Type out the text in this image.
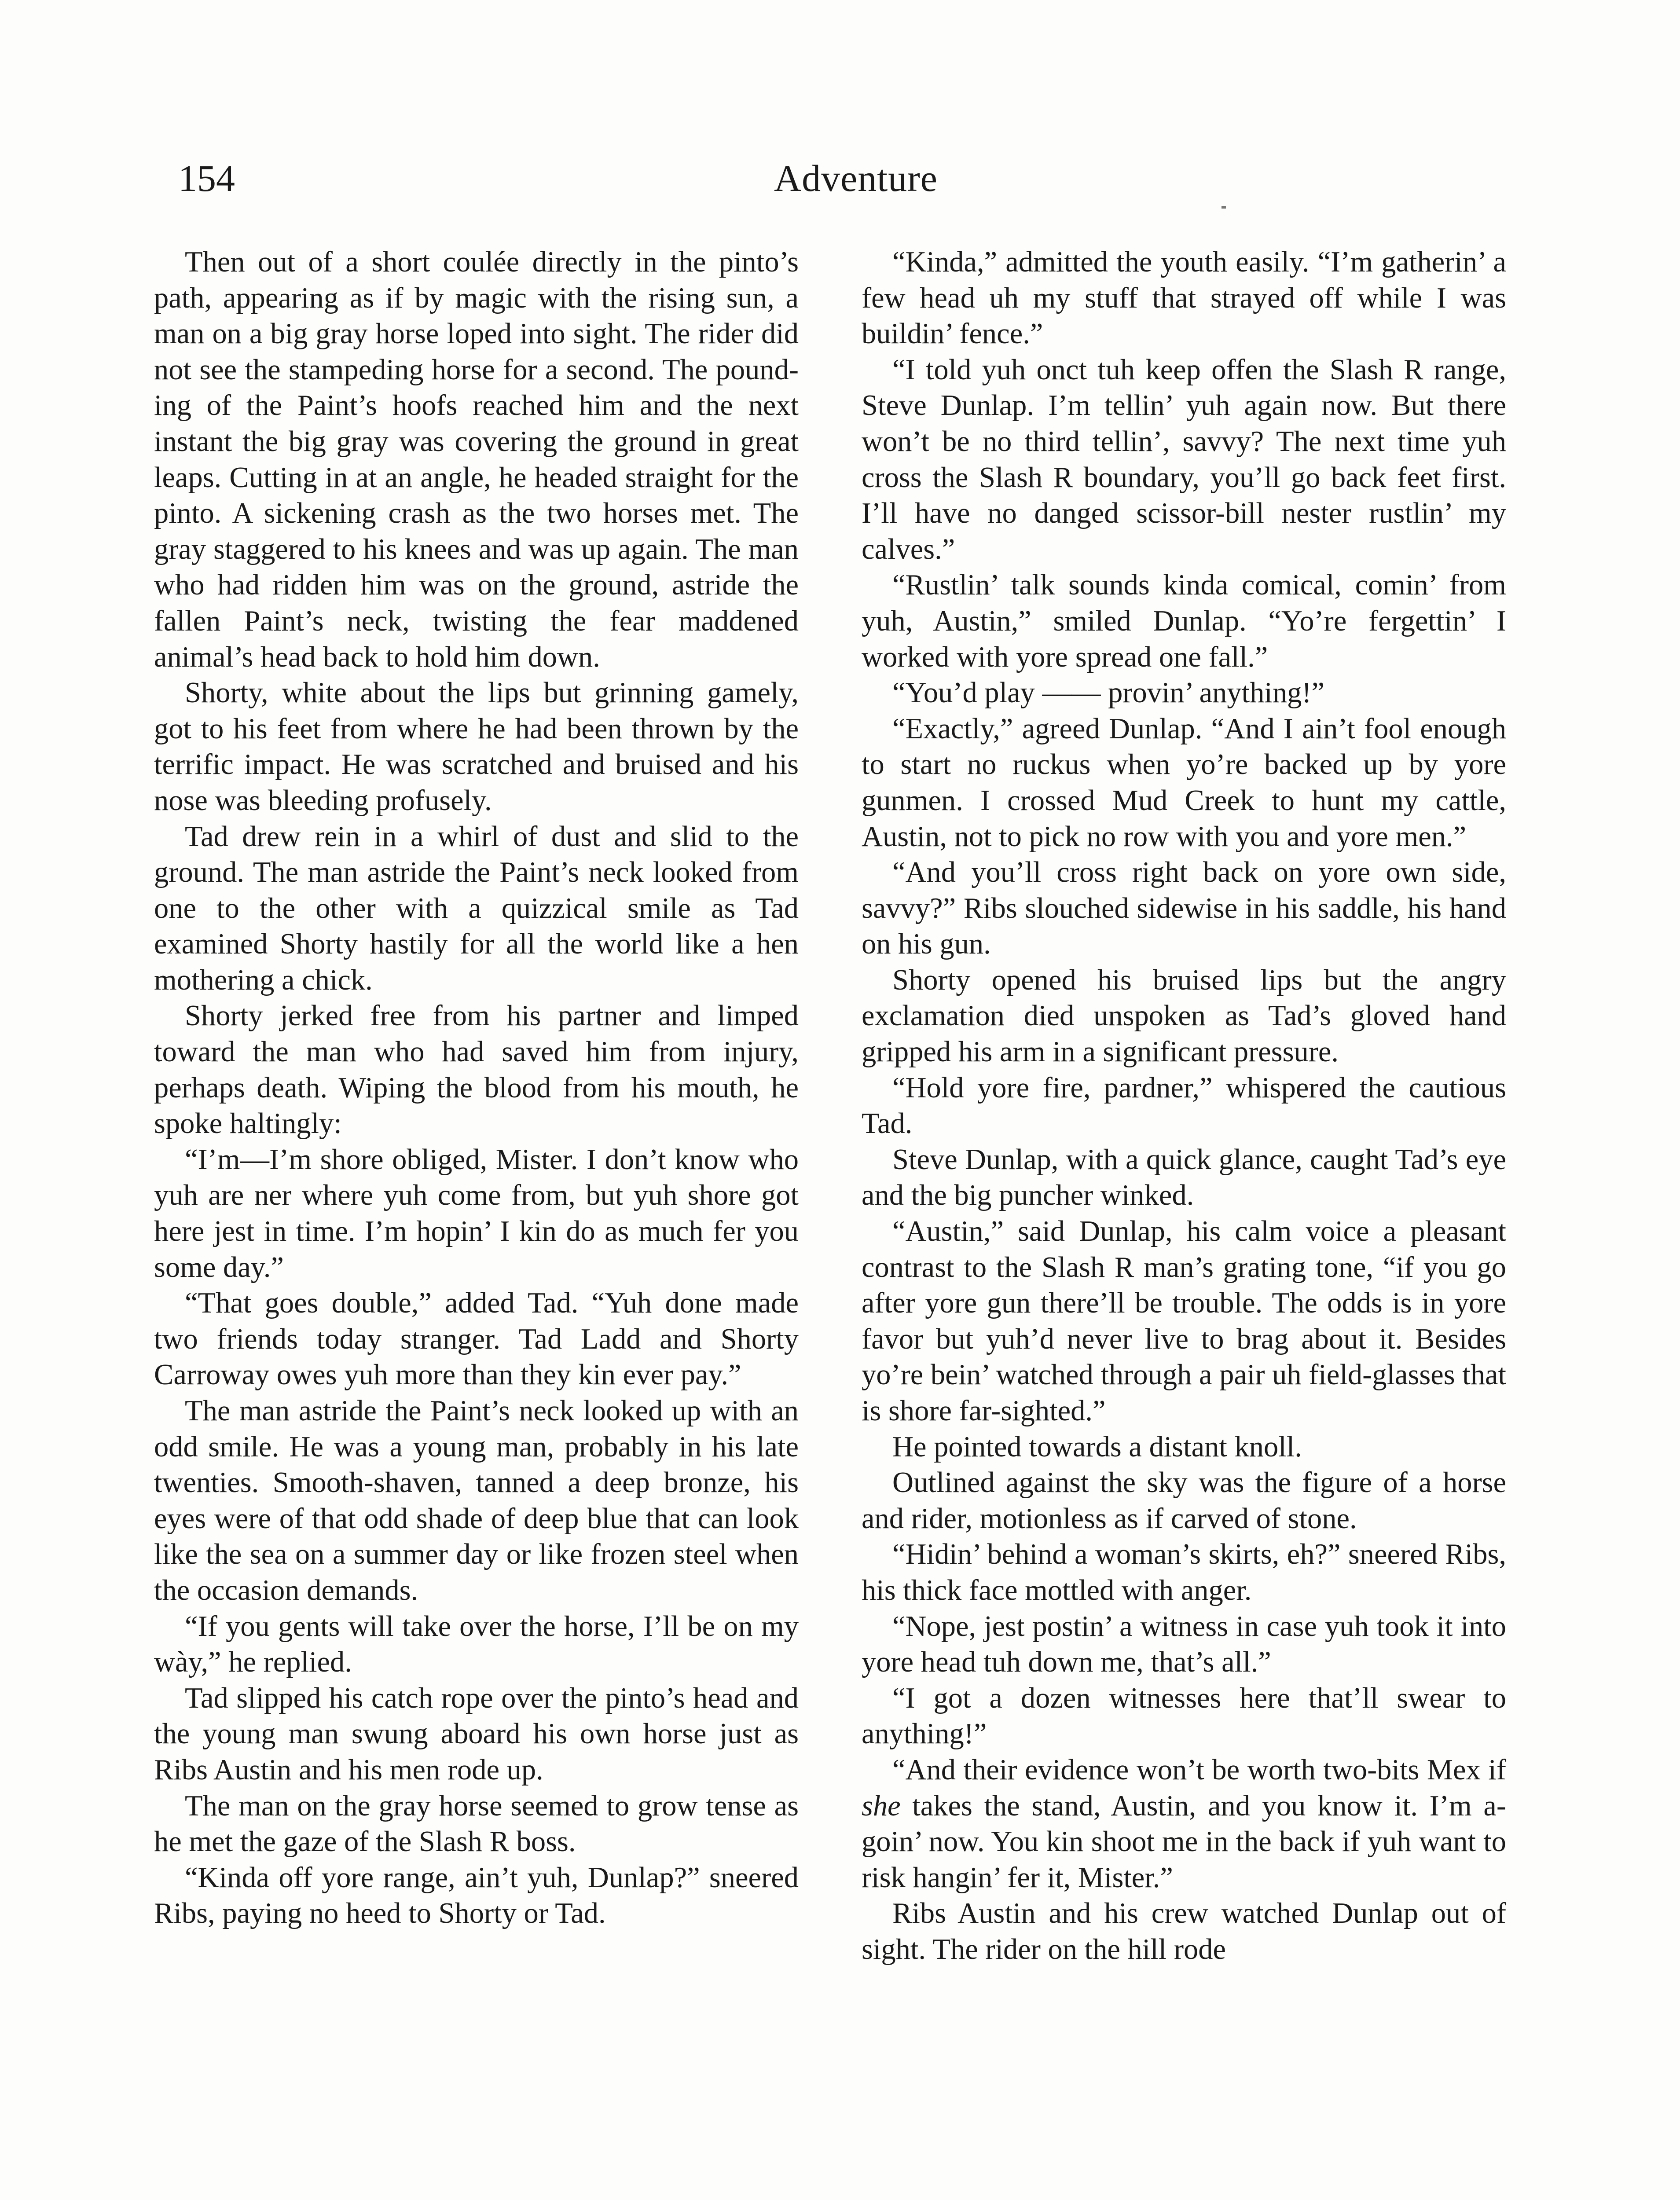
154	Adventure

Then out of a short coulée directly in the pinto’s path, appearing as if by magic with the rising sun, a man on a big gray horse loped into sight. The rider did not see the stampeding horse for a second. The pounding of the Paint’s hoofs reached him and the next instant the big gray was covering the ground in great leaps. Cutting in at an angle, he headed straight for the pinto. A sickening crash as the two horses met. The gray staggered to his knees and was up again. The man who had ridden him was on the ground, astride the fallen Paint’s neck, twisting the fear maddened animal’s head back to hold him down.

Shorty, white about the lips but grinning gamely, got to his feet from where he had been thrown by the terrific impact. He was scratched and bruised and his nose was bleeding profusely.

Tad drew rein in a whirl of dust and slid to the ground. The man astride the Paint’s neck looked from one to the other with a quizzical smile as Tad examined Shorty hastily for all the world like a hen mothering a chick.

Shorty jerked free from his partner and limped toward the man who had saved him from injury, perhaps death. Wiping the blood from his mouth, he spoke haltingly:

“I’m—I’m shore obliged, Mister. I don’t know who yuh are ner where yuh come from, but yuh shore got here jest in time. I’m hopin’ I kin do as much fer you some day.”

“That goes double,” added Tad. “Yuh done made two friends today stranger. Tad Ladd and Shorty Carroway owes yuh more than they kin ever pay.”

The man astride the Paint’s neck looked up with an odd smile. He was a young man, probably in his late twenties. Smooth-shaven, tanned a deep bronze, his eyes were of that odd shade of deep blue that can look like the sea on a summer day or like frozen steel when the occasion demands.

“If you gents will take over the horse, I’ll be on my wày,” he replied.

Tad slipped his catch rope over the pinto’s head and the young man swung aboard his own horse just as Ribs Austin and his men rode up.

The man on the gray horse seemed to grow tense as he met the gaze of the Slash R boss.

“Kinda off yore range, ain’t yuh, Dunlap?” sneered Ribs, paying no heed to Shorty or Tad.

“Kinda,” admitted the youth easily. “I’m gatherin’ a few head uh my stuff that strayed off while I was buildin’ fence.”

“I told yuh onct tuh keep offen the Slash R range, Steve Dunlap. I’m tellin’ yuh again now. But there won’t be no third tellin’, savvy? The next time yuh cross the Slash R boundary, you’ll go back feet first. I’ll have no danged scissor-bill nester rustlin’ my calves.”

“Rustlin’ talk sounds kinda comical, comin’ from yuh, Austin,” smiled Dunlap. “Yo’re fergettin’ I worked with yore spread one fall.”

“You’d play —— provin’ anything!”

“Exactly,” agreed Dunlap. “And I ain’t fool enough to start no ruckus when yo’re backed up by yore gunmen. I crossed Mud Creek to hunt my cattle, Austin, not to pick no row with you and yore men.”

“And you’ll cross right back on yore own side, savvy?” Ribs slouched sidewise in his saddle, his hand on his gun.

Shorty opened his bruised lips but the angry exclamation died unspoken as Tad’s gloved hand gripped his arm in a significant pressure.

“Hold yore fire, pardner,” whispered the cautious Tad.

Steve Dunlap, with a quick glance, caught Tad’s eye and the big puncher winked.

“Austin,” said Dunlap, his calm voice a pleasant contrast to the Slash R man’s grating tone, “if you go after yore gun there’ll be trouble. The odds is in yore favor but yuh’d never live to brag about it. Besides yo’re bein’ watched through a pair uh field-glasses that is shore far-sighted.”

He pointed towards a distant knoll.

Outlined against the sky was the figure of a horse and rider, motionless as if carved of stone.

“Hidin’ behind a woman’s skirts, eh?” sneered Ribs, his thick face mottled with anger.

“Nope, jest postin’ a witness in case yuh took it into yore head tuh down me, that’s all.”

“I got a dozen witnesses here that’ll swear to anything!”

“And their evidence won’t be worth two-bits Mex if she takes the stand, Austin, and you know it. I’m a-goin’ now. You kin shoot me in the back if yuh want to risk hangin’ fer it, Mister.”

Ribs Austin and his crew watched Dunlap out of sight. The rider on the hill rode
